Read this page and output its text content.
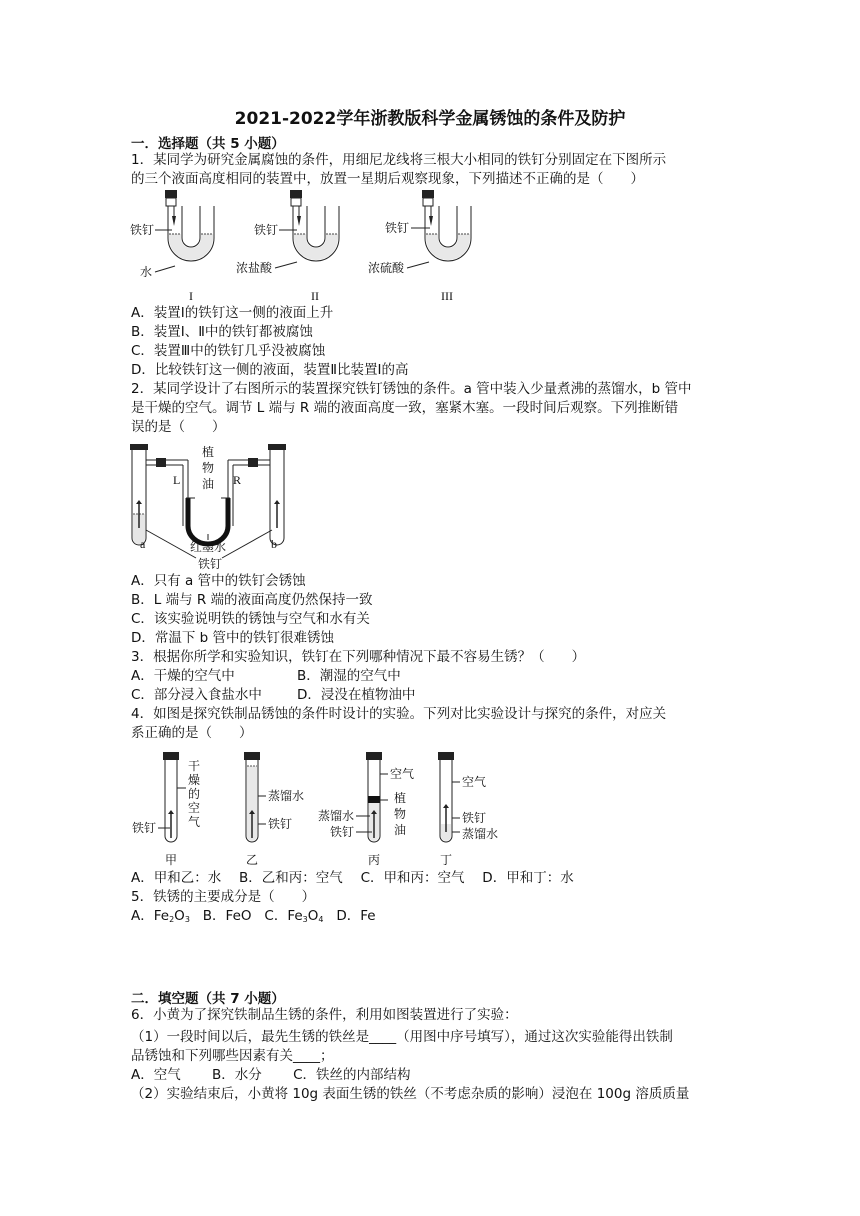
2021-2022学年浙教版科学金属锈蚀的条件及防护
一．选择题（共 5 小题）
1．某同学为研究金属腐蚀的条件，用细尼龙线将三根大小相同的铁钉分别固定在下图所示
的三个液面高度相同的装置中，放置一星期后观察现象，下列描述不正确的是（　　）
铁钉
水
I
铁钉
浓盐酸
II
铁钉
浓硫酸
III
A．装置Ⅰ的铁钉这一侧的液面上升
B．装置Ⅰ、Ⅱ中的铁钉都被腐蚀
C．装置Ⅲ中的铁钉几乎没被腐蚀
D．比较铁钉这一侧的液面，装置Ⅱ比装置Ⅰ的高
2．某同学设计了右图所示的装置探究铁钉锈蚀的条件。a 管中装入少量煮沸的蒸馏水，b 管中
是干燥的空气。调节 L 端与 R 端的液面高度一致，塞紧木塞。一段时间后观察。下列推断错
误的是（　　）
植
物
油
L	R
a	b
红墨水
铁钉
A．只有 a 管中的铁钉会锈蚀
B．L 端与 R 端的液面高度仍然保持一致
C．该实验说明铁的锈蚀与空气和水有关
D．常温下 b 管中的铁钉很难锈蚀
3．根据你所学和实验知识，铁钉在下列哪种情况下最不容易生锈？（　　）
A．干燥的空气中	B．潮湿的空气中
C．部分浸入食盐水中	D．浸没在植物油中
4．如图是探究铁制品锈蚀的条件时设计的实验。下列对比实验设计与探究的条件，对应关
系正确的是（　　）
铁钉
干
燥
的
空
气
甲
蒸馏水
铁钉
乙
空气
植
物
油
蒸馏水
铁钉
丙
空气
铁钉
蒸馏水
丁
A．甲和乙：水　 B．乙和丙：空气　 C．甲和丙：空气　 D．甲和丁：水
5．铁锈的主要成分是（　　）
A．$Fe_2O_3$ B．FeO C．$Fe_3O_4$ D．Fe
二．填空题（共 7 小题）
6．小黄为了探究铁制品生锈的条件，利用如图装置进行了实验：
（1）一段时间以后，最先生锈的铁丝是____（用图中序号填写），通过这次实验能得出铁制
品锈蚀和下列哪些因素有关____；
A．空气　　 B．水分　　 C．铁丝的内部结构
（2）实验结束后，小黄将 10g 表面生锈的铁丝（不考虑杂质的影响）浸泡在 100g 溶质质量
